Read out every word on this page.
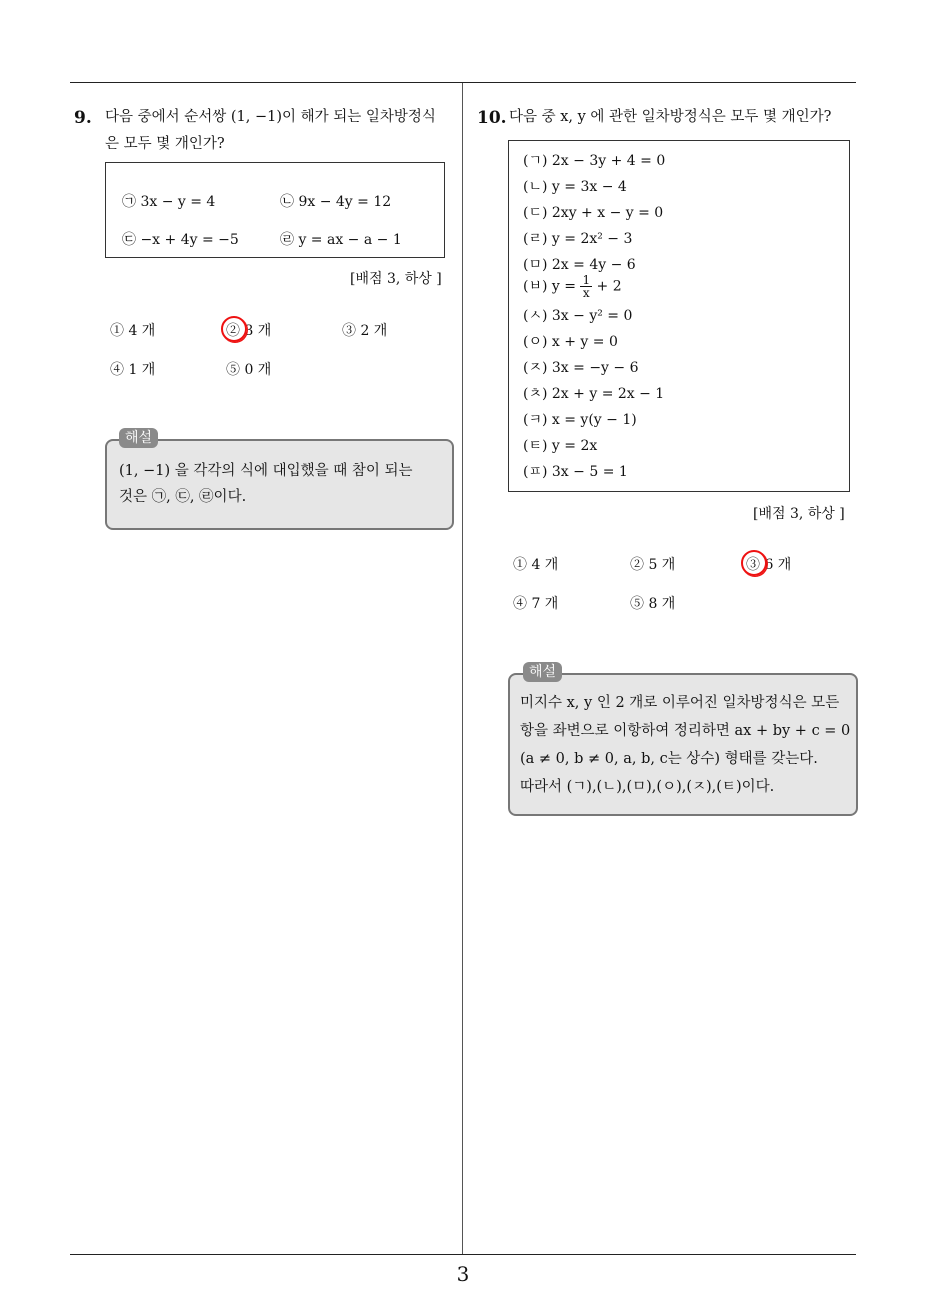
3
9. 다음 중에서 순서쌍 (1, −1)이 해가 되는 일차방정식
은 모두 몇 개인가?
㉠ 3x − y = 4	㉡ 9x − 4y = 12
㉢ −x + 4y = −5	㉣ y = ax − a − 1
[배점 3, 하상 ]
① 4 개	② 3 개	③ 2 개
④ 1 개	⑤ 0 개
(1, −1) 을 각각의 식에 대입했을 때 참이 되는
것은 ㉠, ㉢, ㉣이다.
해설
10. 다음 중 x, y 에 관한 일차방정식은 모두 몇 개인가?
(ㄱ) 2x − 3y + 4 = 0
(ㄴ) y = 3x − 4
(ㄷ) 2xy + x − y = 0
(ㄹ) y = 2x² − 3
(ㅁ) 2x = 4y − 6
(ㅂ) $y = \frac{1}{x} + 2$
(ㅅ) 3x − y² = 0
(ㅇ) x + y = 0
(ㅈ) 3x = −y − 6
(ㅊ) 2x + y = 2x − 1
(ㅋ) x = y(y − 1)
(ㅌ) y = 2x
(ㅍ) 3x − 5 = 1
[배점 3, 하상 ]
① 4 개	② 5 개	③ 6 개
④ 7 개	⑤ 8 개
미지수 x, y 인 2 개로 이루어진 일차방정식은 모든
항을 좌변으로 이항하여 정리하면 ax + by + c = 0
(a ≠ 0, b ≠ 0, a, b, c는 상수) 형태를 갖는다.
따라서 (ㄱ),(ㄴ),(ㅁ),(ㅇ),(ㅈ),(ㅌ)이다.
해설
